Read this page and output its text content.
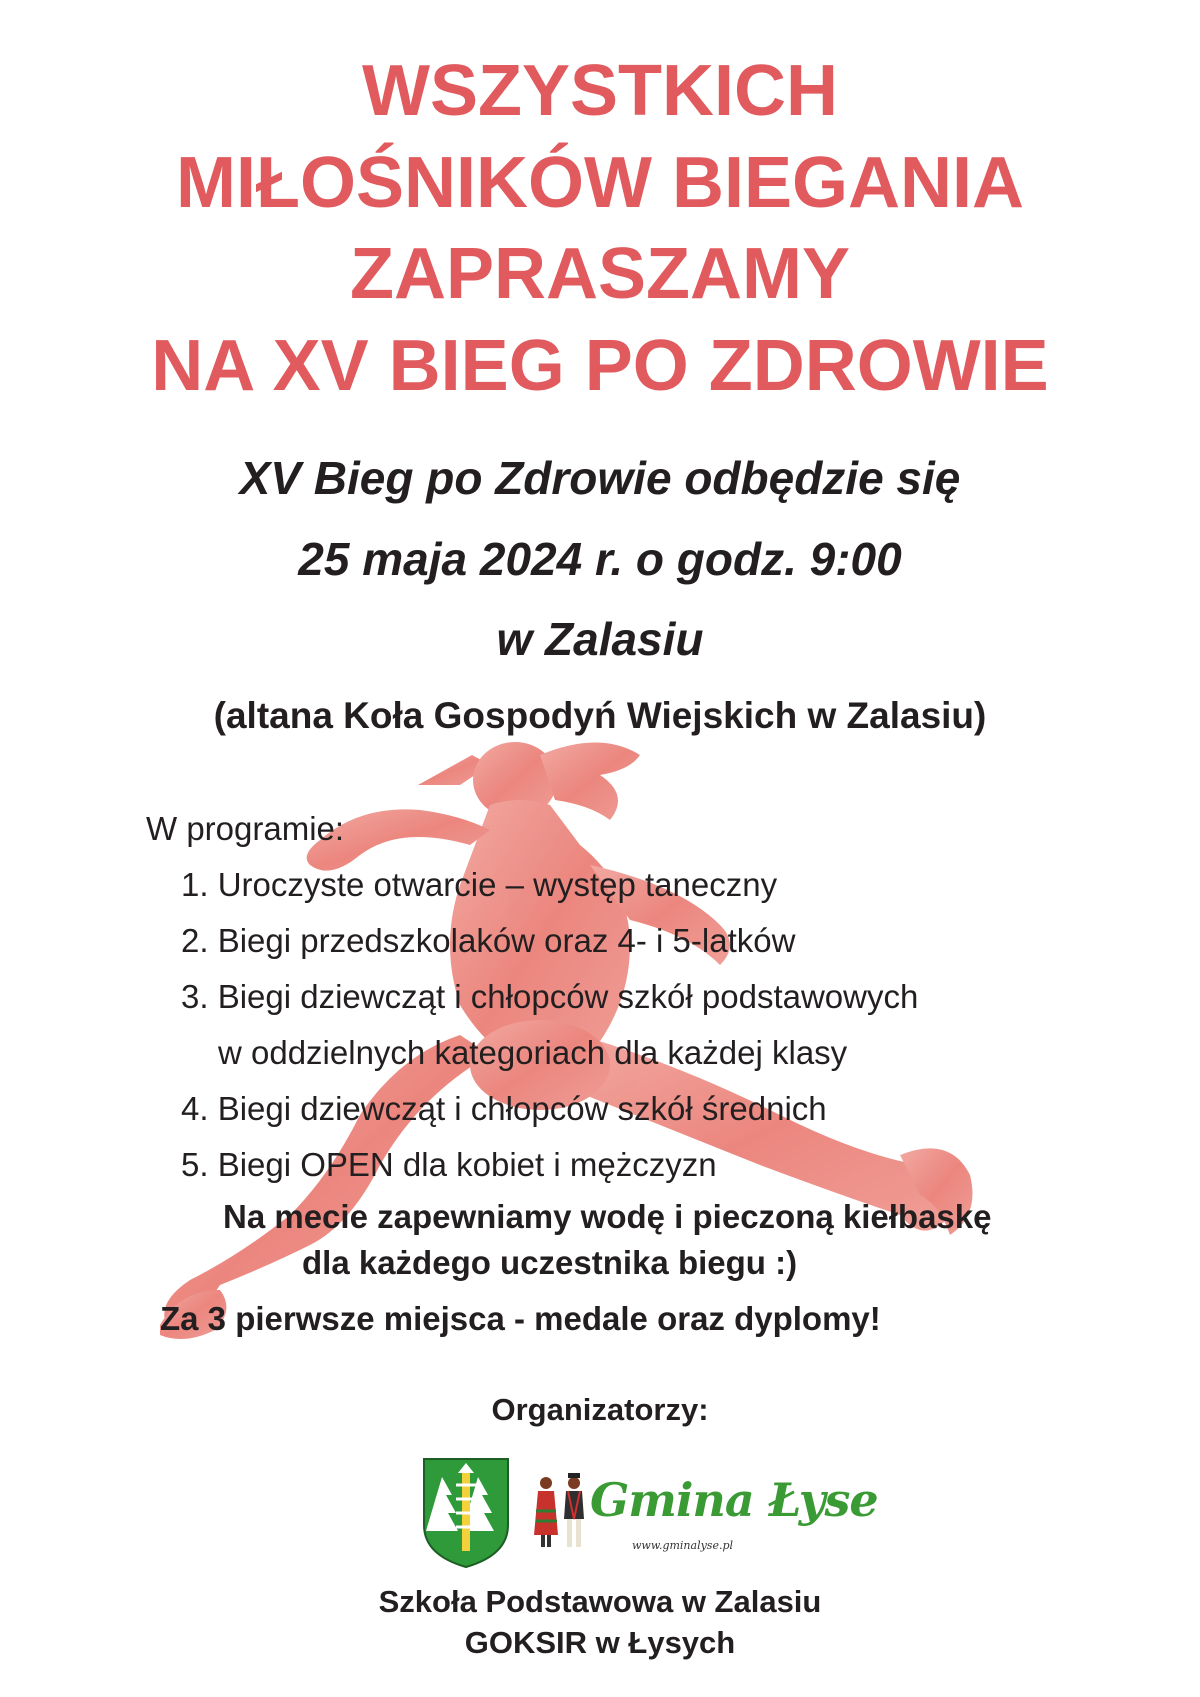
WSZYSTKICH
MIŁOŚNIKÓW BIEGANIA
ZAPRASZAMY
NA XV BIEG PO ZDROWIE
XV Bieg po Zdrowie odbędzie się
25 maja 2024 r. o godz. 9:00
w Zalasiu
(altana Koła Gospodyń Wiejskich w Zalasiu)
W programie:
1. Uroczyste otwarcie – występ taneczny
2. Biegi przedszkolaków oraz 4- i 5-latków
3. Biegi dziewcząt i chłopców szkół podstawowych
w oddzielnych kategoriach dla każdej klasy
4. Biegi dziewcząt i chłopców szkół średnich
5. Biegi OPEN dla kobiet i mężczyzn
Na mecie zapewniamy wodę i pieczoną kiełbaskę
dla każdego uczestnika biegu :)
Za 3 pierwsze miejsca - medale oraz dyplomy!
Organizatorzy:
Gmina Łyse
www.gminalyse.pl
Szkoła Podstawowa w Zalasiu
GOKSIR w Łysych
